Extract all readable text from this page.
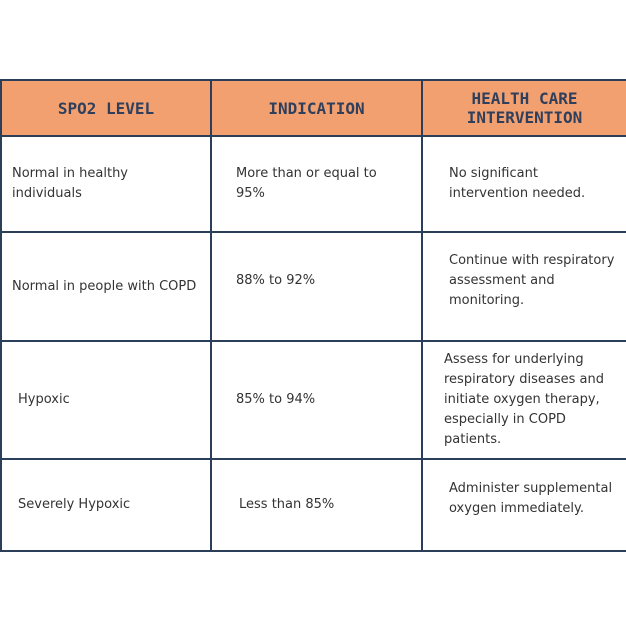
SPO2 LEVEL	INDICATION	HEALTH CARE
INTERVENTION

Normal in healthy individuals	More than or equal to 95%	No significant intervention needed.

Normal in people with COPD	88% to 92%	Continue with respiratory assessment and monitoring.

Hypoxic	85% to 94%	Assess for underlying respiratory diseases and initiate oxygen therapy, especially in COPD patients.

Severely Hypoxic	Less than 85%	Administer supplemental oxygen immediately.
